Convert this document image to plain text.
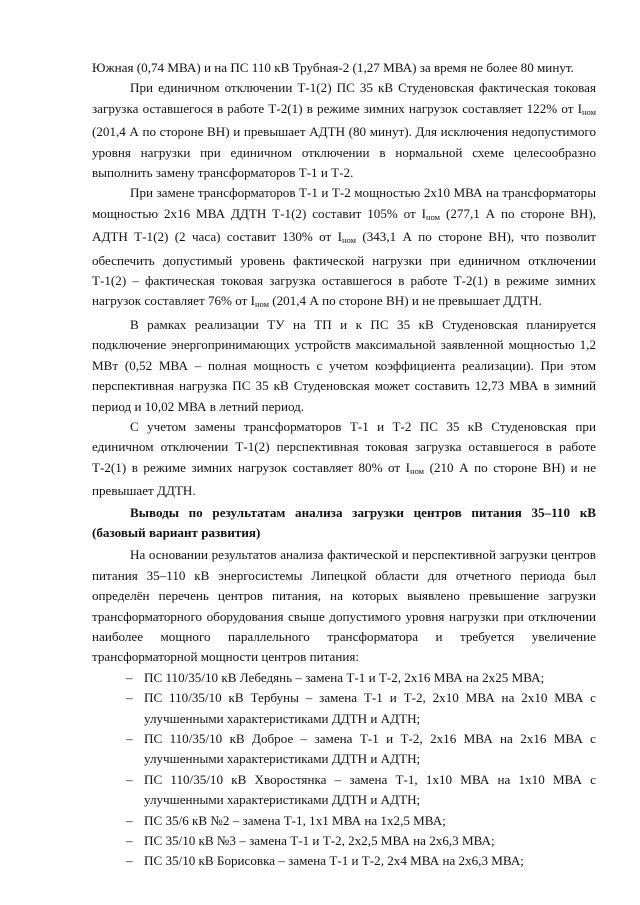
Южная (0,74 МВА) и на ПС 110 кВ Трубная-2 (1,27 МВА) за время не более 80 минут.

При единичном отключении Т-1(2) ПС 35 кВ Студеновская фактическая токовая загрузка оставшегося в работе Т-2(1) в режиме зимних нагрузок составляет 122% от $I_{ном}$ (201,4 А по стороне ВН) и превышает АДТН (80 минут). Для исключения недопустимого уровня нагрузки при единичном отключении в нормальной схеме целесообразно выполнить замену трансформаторов Т-1 и Т-2.

При замене трансформаторов Т-1 и Т-2 мощностью 2х10 МВА на трансформаторы мощностью 2х16 МВА ДДТН Т-1(2) составит 105% от $I_{ном}$ (277,1 А по стороне ВН), АДТН Т-1(2) (2 часа) составит 130% от $I_{ном}$ (343,1 А по стороне ВН), что позволит обеспечить допустимый уровень фактической нагрузки при единичном отключении Т-1(2) – фактическая токовая загрузка оставшегося в работе Т-2(1) в режиме зимних нагрузок составляет 76% от $I_{ном}$ (201,4 А по стороне ВН) и не превышает ДДТН.

В рамках реализации ТУ на ТП и к ПС 35 кВ Студеновская планируется подключение энергопринимающих устройств максимальной заявленной мощностью 1,2 МВт (0,52 МВА – полная мощность с учетом коэффициента реализации). При этом перспективная нагрузка ПС 35 кВ Студеновская может составить 12,73 МВА в зимний период и 10,02 МВА в летний период.

С учетом замены трансформаторов Т-1 и Т-2 ПС 35 кВ Студеновская при единичном отключении Т-1(2) перспективная токовая загрузка оставшегося в работе Т-2(1) в режиме зимних нагрузок составляет 80% от $I_{ном}$ (210 А по стороне ВН) и не превышает ДДТН.

Выводы по результатам анализа загрузки центров питания 35–110 кВ (базовый вариант развития)

На основании результатов анализа фактической и перспективной загрузки центров питания 35–110 кВ энергосистемы Липецкой области для отчетного периода был определён перечень центров питания, на которых выявлено превышение загрузки трансформаторного оборудования свыше допустимого уровня нагрузки при отключении наиболее мощного параллельного трансформатора и требуется увеличение трансформаторной мощности центров питания:

– ПС 110/35/10 кВ Лебедянь – замена Т-1 и Т-2, 2х16 МВА на 2х25 МВА;
– ПС 110/35/10 кВ Тербуны – замена Т-1 и Т-2, 2х10 МВА на 2х10 МВА с улучшенными характеристиками ДДТН и АДТН;
– ПС 110/35/10 кВ Доброе – замена Т-1 и Т-2, 2х16 МВА на 2х16 МВА с улучшенными характеристиками ДДТН и АДТН;
– ПС 110/35/10 кВ Хворостянка – замена Т-1, 1х10 МВА на 1х10 МВА с улучшенными характеристиками ДДТН и АДТН;
– ПС 35/6 кВ №2 – замена Т-1, 1х1 МВА на 1х2,5 МВА;
– ПС 35/10 кВ №3 – замена Т-1 и Т-2, 2х2,5 МВА на 2х6,3 МВА;
– ПС 35/10 кВ Борисовка – замена Т-1 и Т-2, 2х4 МВА на 2х6,3 МВА;
